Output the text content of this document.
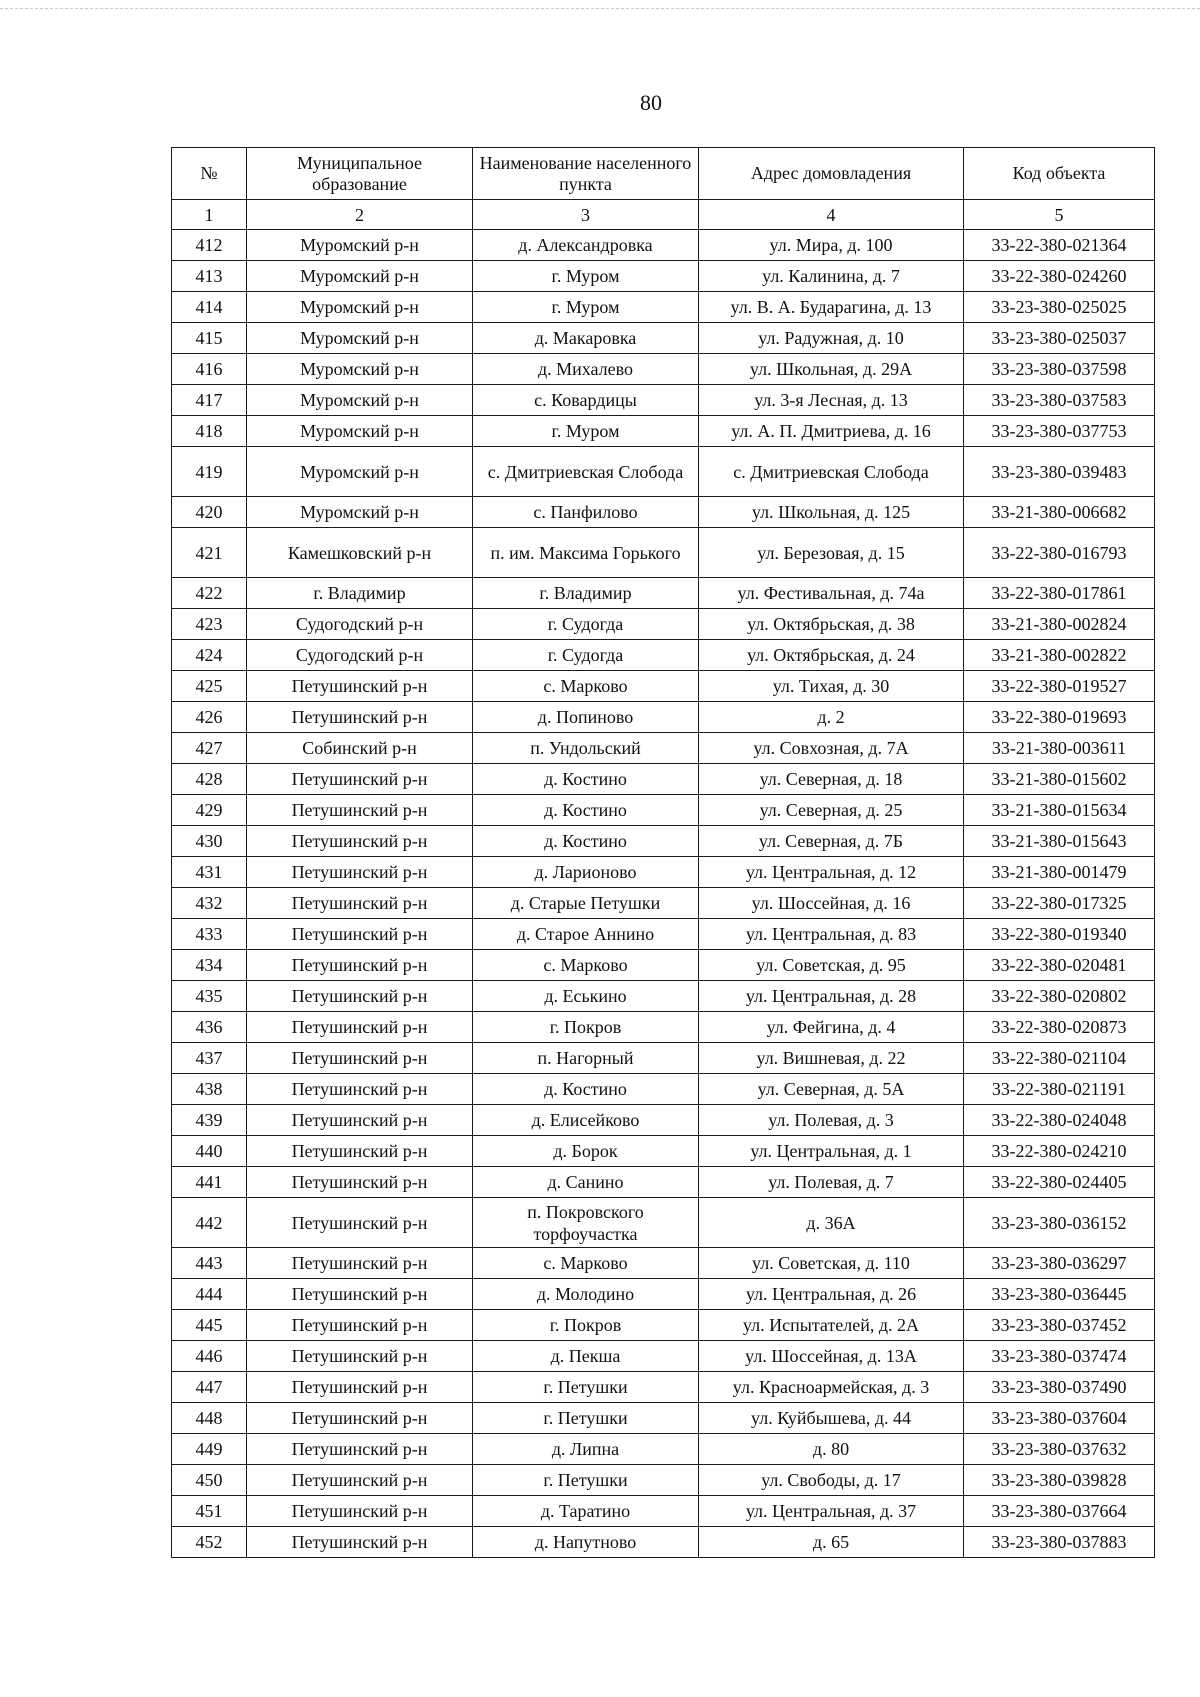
80
№	Муниципальное образование	Наименование населенного пункта	Адрес домовладения	Код объекта
1	2	3	4	5
412	Муромский р-н	д. Александровка	ул. Мира, д. 100	33-22-380-021364
413	Муромский р-н	г. Муром	ул. Калинина, д. 7	33-22-380-024260
414	Муромский р-н	г. Муром	ул. В. А. Бударагина, д. 13	33-23-380-025025
415	Муромский р-н	д. Макаровка	ул. Радужная, д. 10	33-23-380-025037
416	Муромский р-н	д. Михалево	ул. Школьная, д. 29А	33-23-380-037598
417	Муромский р-н	с. Ковардицы	ул. 3-я Лесная, д. 13	33-23-380-037583
418	Муромский р-н	г. Муром	ул. А. П. Дмитриева, д. 16	33-23-380-037753
419	Муромский р-н	с. Дмитриевская Слобода	с. Дмитриевская Слобода	33-23-380-039483
420	Муромский р-н	с. Панфилово	ул. Школьная, д. 125	33-21-380-006682
421	Камешковский р-н	п. им. Максима Горького	ул. Березовая, д. 15	33-22-380-016793
422	г. Владимир	г. Владимир	ул. Фестивальная, д. 74а	33-22-380-017861
423	Судогодский р-н	г. Судогда	ул. Октябрьская, д. 38	33-21-380-002824
424	Судогодский р-н	г. Судогда	ул. Октябрьская, д. 24	33-21-380-002822
425	Петушинский р-н	с. Марково	ул. Тихая, д. 30	33-22-380-019527
426	Петушинский р-н	д. Попиново	д. 2	33-22-380-019693
427	Собинский р-н	п. Ундольский	ул. Совхозная, д. 7А	33-21-380-003611
428	Петушинский р-н	д. Костино	ул. Северная, д. 18	33-21-380-015602
429	Петушинский р-н	д. Костино	ул. Северная, д. 25	33-21-380-015634
430	Петушинский р-н	д. Костино	ул. Северная, д. 7Б	33-21-380-015643
431	Петушинский р-н	д. Ларионово	ул. Центральная, д. 12	33-21-380-001479
432	Петушинский р-н	д. Старые Петушки	ул. Шоссейная, д. 16	33-22-380-017325
433	Петушинский р-н	д. Старое Аннино	ул. Центральная, д. 83	33-22-380-019340
434	Петушинский р-н	с. Марково	ул. Советская, д. 95	33-22-380-020481
435	Петушинский р-н	д. Еськино	ул. Центральная, д. 28	33-22-380-020802
436	Петушинский р-н	г. Покров	ул. Фейгина, д. 4	33-22-380-020873
437	Петушинский р-н	п. Нагорный	ул. Вишневая, д. 22	33-22-380-021104
438	Петушинский р-н	д. Костино	ул. Северная, д. 5А	33-22-380-021191
439	Петушинский р-н	д. Елисейково	ул. Полевая, д. 3	33-22-380-024048
440	Петушинский р-н	д. Борок	ул. Центральная, д. 1	33-22-380-024210
441	Петушинский р-н	д. Санино	ул. Полевая, д. 7	33-22-380-024405
442	Петушинский р-н	п. Покровского торфоучастка	д. 36А	33-23-380-036152
443	Петушинский р-н	с. Марково	ул. Советская, д. 110	33-23-380-036297
444	Петушинский р-н	д. Молодино	ул. Центральная, д. 26	33-23-380-036445
445	Петушинский р-н	г. Покров	ул. Испытателей, д. 2А	33-23-380-037452
446	Петушинский р-н	д. Пекша	ул. Шоссейная, д. 13А	33-23-380-037474
447	Петушинский р-н	г. Петушки	ул. Красноармейская, д. 3	33-23-380-037490
448	Петушинский р-н	г. Петушки	ул. Куйбышева, д. 44	33-23-380-037604
449	Петушинский р-н	д. Липна	д. 80	33-23-380-037632
450	Петушинский р-н	г. Петушки	ул. Свободы, д. 17	33-23-380-039828
451	Петушинский р-н	д. Таратино	ул. Центральная, д. 37	33-23-380-037664
452	Петушинский р-н	д. Напутново	д. 65	33-23-380-037883
